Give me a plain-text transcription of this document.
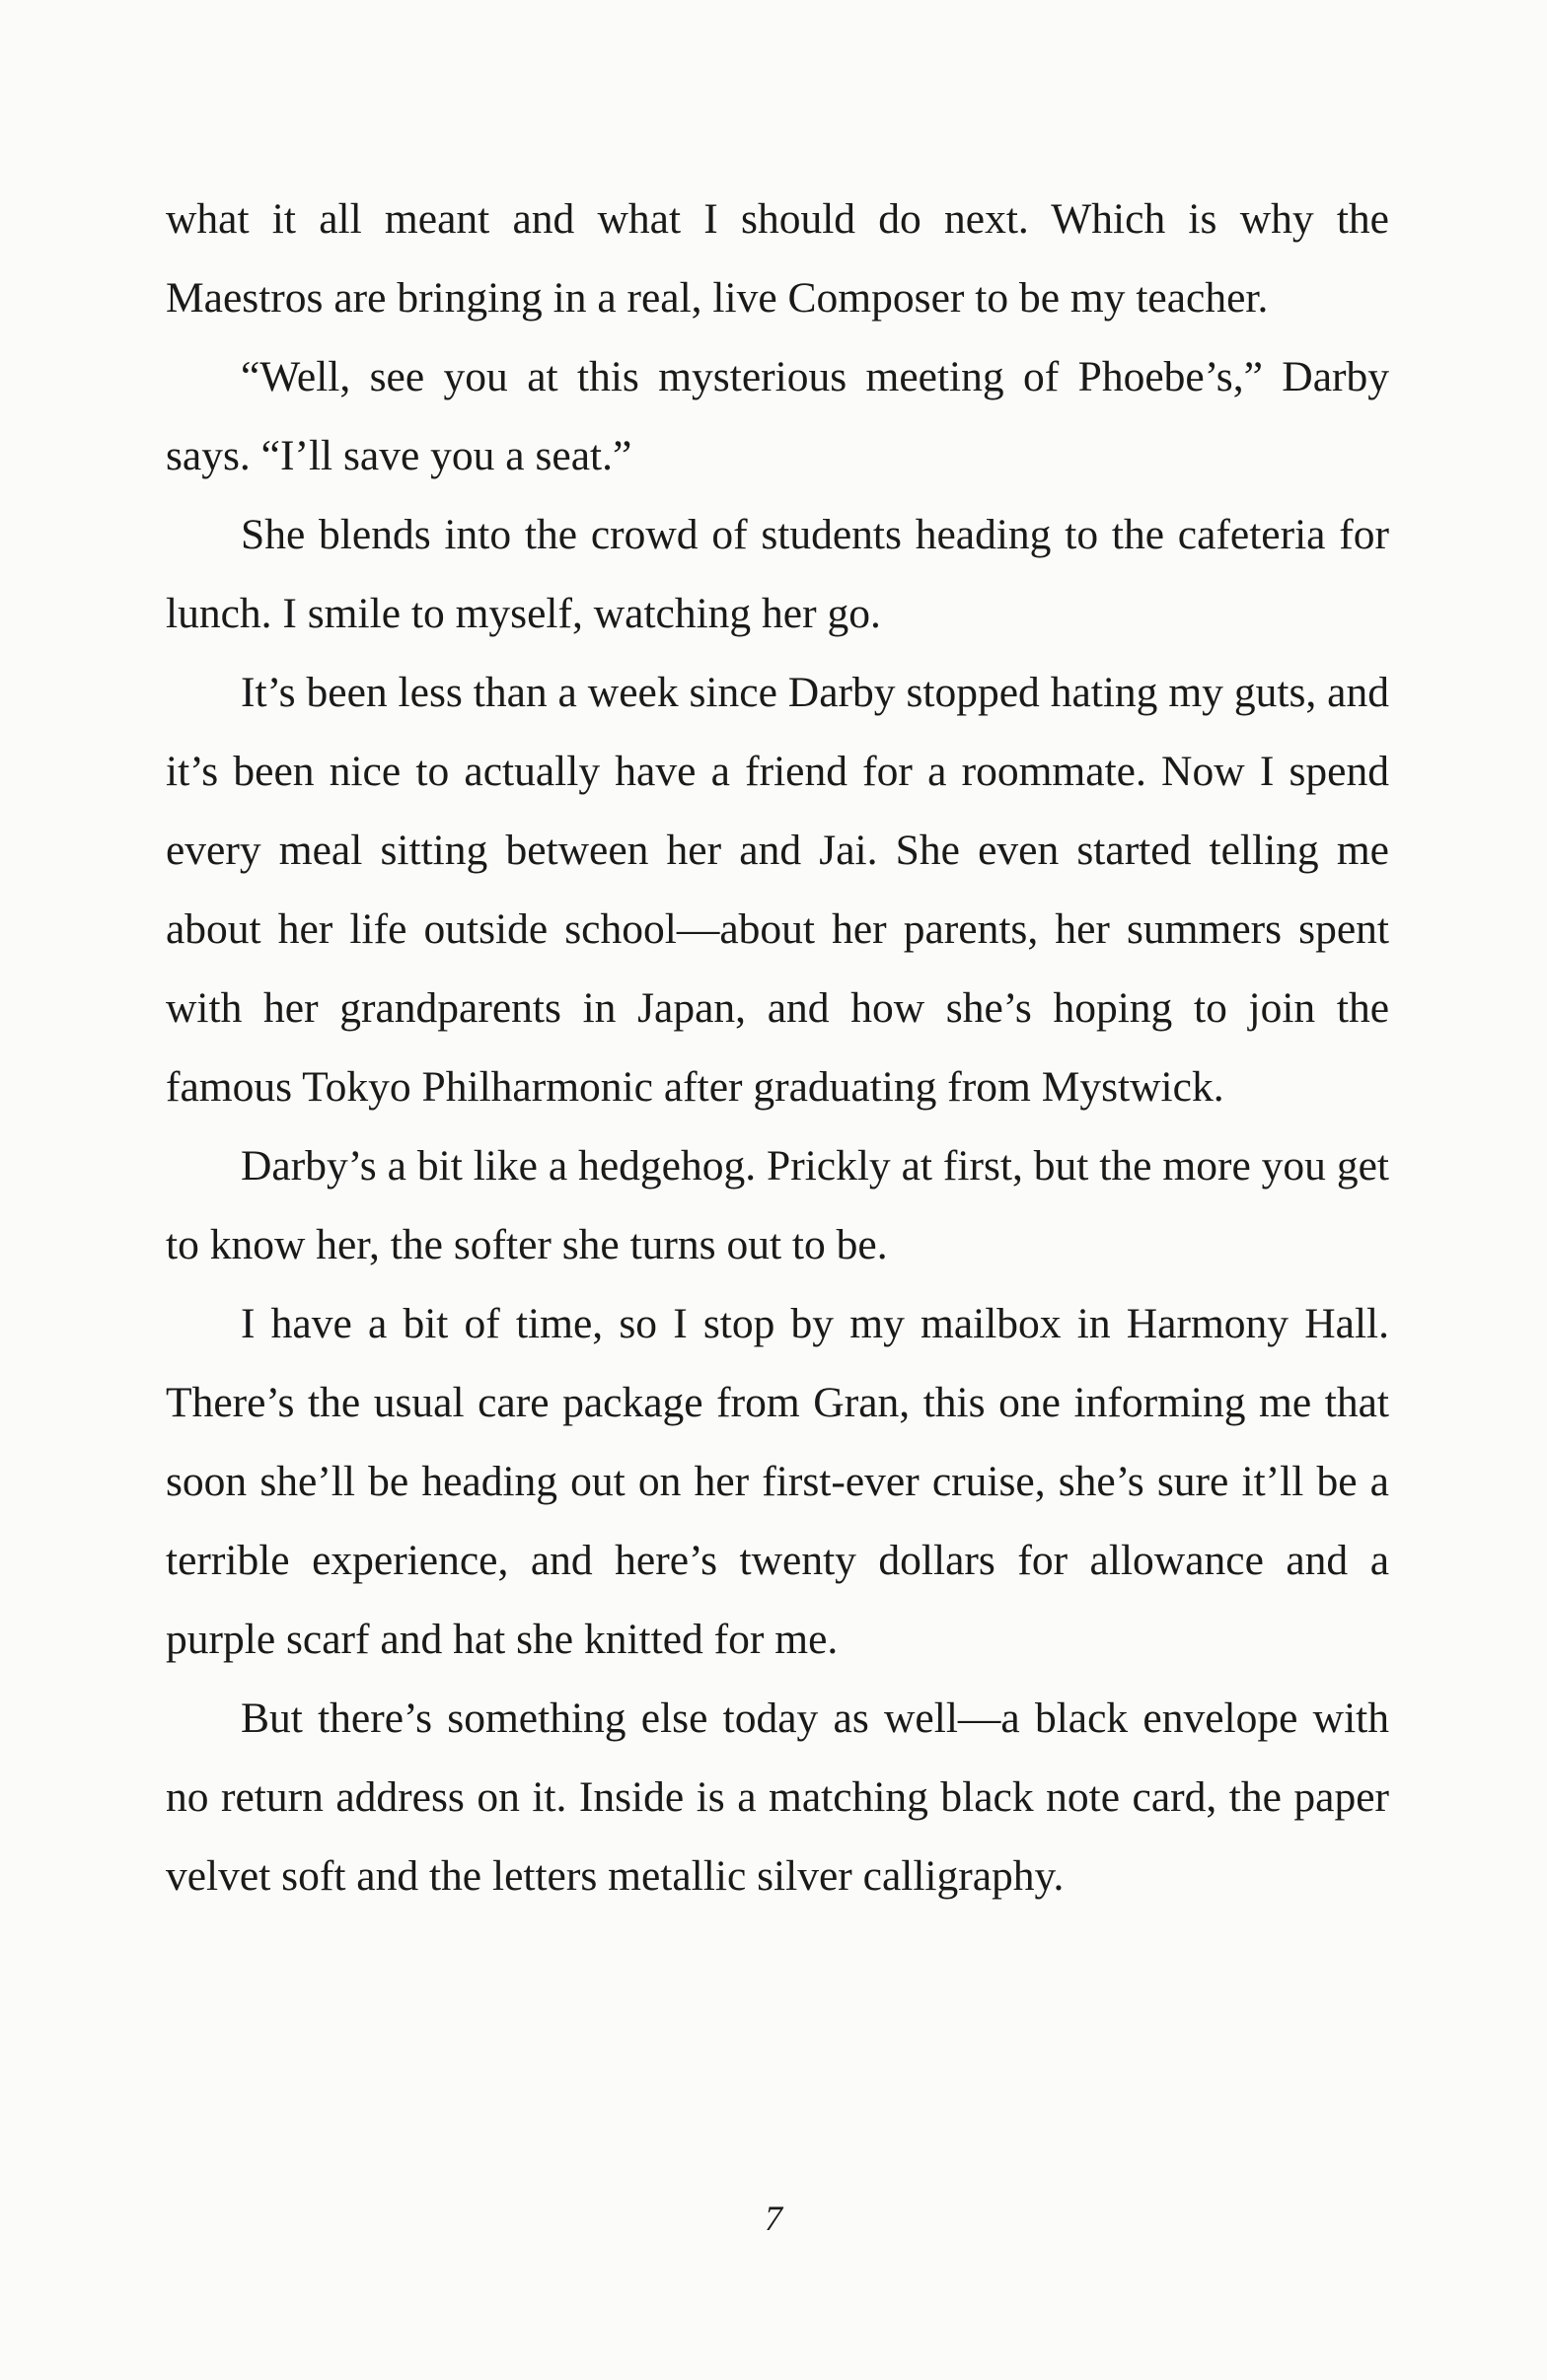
what it all meant and what I should do next. Which is why the Maestros are bringing in a real, live Composer to be my teacher.

“Well, see you at this mysterious meeting of Phoebe’s,” Darby says. “I’ll save you a seat.”

She blends into the crowd of students heading to the cafeteria for lunch. I smile to myself, watching her go.

It’s been less than a week since Darby stopped hating my guts, and it’s been nice to actually have a friend for a roommate. Now I spend every meal sitting between her and Jai. She even started telling me about her life outside school—about her parents, her summers spent with her grandparents in Japan, and how she’s hoping to join the famous Tokyo Philharmonic after graduating from Mystwick.

Darby’s a bit like a hedgehog. Prickly at first, but the more you get to know her, the softer she turns out to be.

I have a bit of time, so I stop by my mailbox in Harmony Hall. There’s the usual care package from Gran, this one informing me that soon she’ll be heading out on her first-ever cruise, she’s sure it’ll be a terrible experience, and here’s twenty dollars for allowance and a purple scarf and hat she knitted for me.

But there’s something else today as well—a black envelope with no return address on it. Inside is a matching black note card, the paper velvet soft and the letters metallic silver calligraphy.

7
